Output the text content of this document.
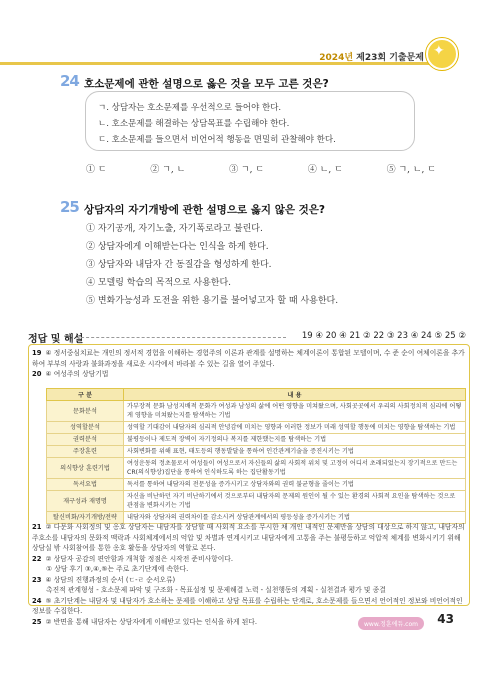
2024년 제23회 기출문제 ✦
24 호소문제에 관한 설명으로 옳은 것을 모두 고른 것은?
ㄱ. 상담자는 호소문제를 우선적으로 들어야 한다.
ㄴ. 호소문제를 해결하는 상담목표를 수립해야 한다.
ㄷ. 호소문제를 들으면서 비언어적 행동을 면밀히 관찰해야 한다.
① ㄷ	② ㄱ, ㄴ	③ ㄱ, ㄷ	④ ㄴ, ㄷ	⑤ ㄱ, ㄴ, ㄷ
25 상담자의 자기개방에 관한 설명으로 옳지 않은 것은?
① 자기공개, 자기노출, 자기폭로라고 불린다.
② 상담자에게 이해받는다는 인식을 하게 한다.
③ 상담자와 내담자 간 동질감을 형성하게 한다.
④ 모델링 학습의 목적으로 사용한다.
⑤ 변화가능성과 도전을 위한 용기를 불어넣고자 할 때 사용한다.
정답 및 해설	19 ④ 20 ④ 21 ② 22 ③ 23 ④ 24 ⑤ 25 ②

19 ④ 정서중심치료는 개인의 정서적 경험을 이해하는 경험주의 이론과 관계를 설명하는 체계이론이 통합된 모델이며, 수 준 순이 여체이론을 추가하여 부부의 사랑과 불화과정을 새로운 시각에서 바라볼 수 있는 길을 열어 주었다.

20 ④ 여성주의 상담기법

구 분	내 용
문화분석	가부장적 문화 남성지배적 문화가 여성과 남성의 삶에 어떤 영향을 미쳐왔으며, 사회곳곳에서 우리의 사회정치적 심리에 어떻게 영향을 미쳐왔는지를 탐색하는 기법
성역할분석	성역할 기대감이 내담자의 심리적 안녕감에 미치는 영향과 이러한 정보가 미래 성역할 행동에 미치는 영향을 탐색하는 기법
권력분석	불평등이나 제도적 장벽이 자기정의나 복지를 제한했는지를 탐색하는 기법
주장훈련	사회변화를 위해 표현, 태도등의 행동발달을 통하여 인간관계기술을 증진시키는 기법
의식향상 훈련기법	여성운동의 정초물로서 여성들이 여성으로서 자신들의 삶의 사회적 위치 및 고정이 어디서 초래되었는지 장기적으로 만드는 CR(의식향상)집단을 통하여 인식하도록 하는 집단활동기법
독서요법	독서를 통하여 내담자의 전문성을 증가시키고 상담자와의 권력 불균형을 줄이는 기법
재구성과 재명명	자신을 비난하던 자기 비난하기에서 것으로부터 내담자의 문제의 원인이 될 수 있는 환경의 사회적 요인을 탐색하는 것으로 관점을 변화시키는 기법
탈신비화/자기개방/전략	내담자와 상담자의 권력차이를 감소시켜 상담관계에서의 평등성을 증가시키는 기법

21 ② 다문화 사회정의 및 옹호 상담자는 내담자를 상담할 때 사회적 요소를 무시한 채 개인 내적인 문제만을 상담의 대상으로 하지 않고, 내담자의 주호소를 내담자의 문화적 맥락과 사회체계에서의 억압 및 차별과 연계시키고 내담자에게 고통을 주는 불평등하고 억압적 체계를 변화시키기 위해 상담실 밖 사회참여를 통한 옹호 활동을 상담자의 역할로 본다.

22 ② 상담자 공감의 편안함과 개척함 정점은 시작전 준비사항이다.

① 상담 후기 ③,④,⑤는 주로 초기단계에 속한다.

23 ④ 상담의 진행과정의 순서 (ㄷ-ㄹ 순서오류)

촉진적 관계형성 - 호소문제 파악 및 구조화 - 목표설정 및 문제해결 노력 - 실천행동의 계획 - 실천결과 평가 및 종결

24 ⑤ 초기단계는 내담자 및 내담자가 호소하는 문제를 이해하고 상담 목표를 수립하는 단계로, 호소문제를 들으면서 언어적인 정보와 비언어적인 정보를 수집한다.

25 ② 반면을 통해 내담자는 상담자에게 이해받고 있다는 인식을 하게 된다.	www.정훈에듀.com	43
